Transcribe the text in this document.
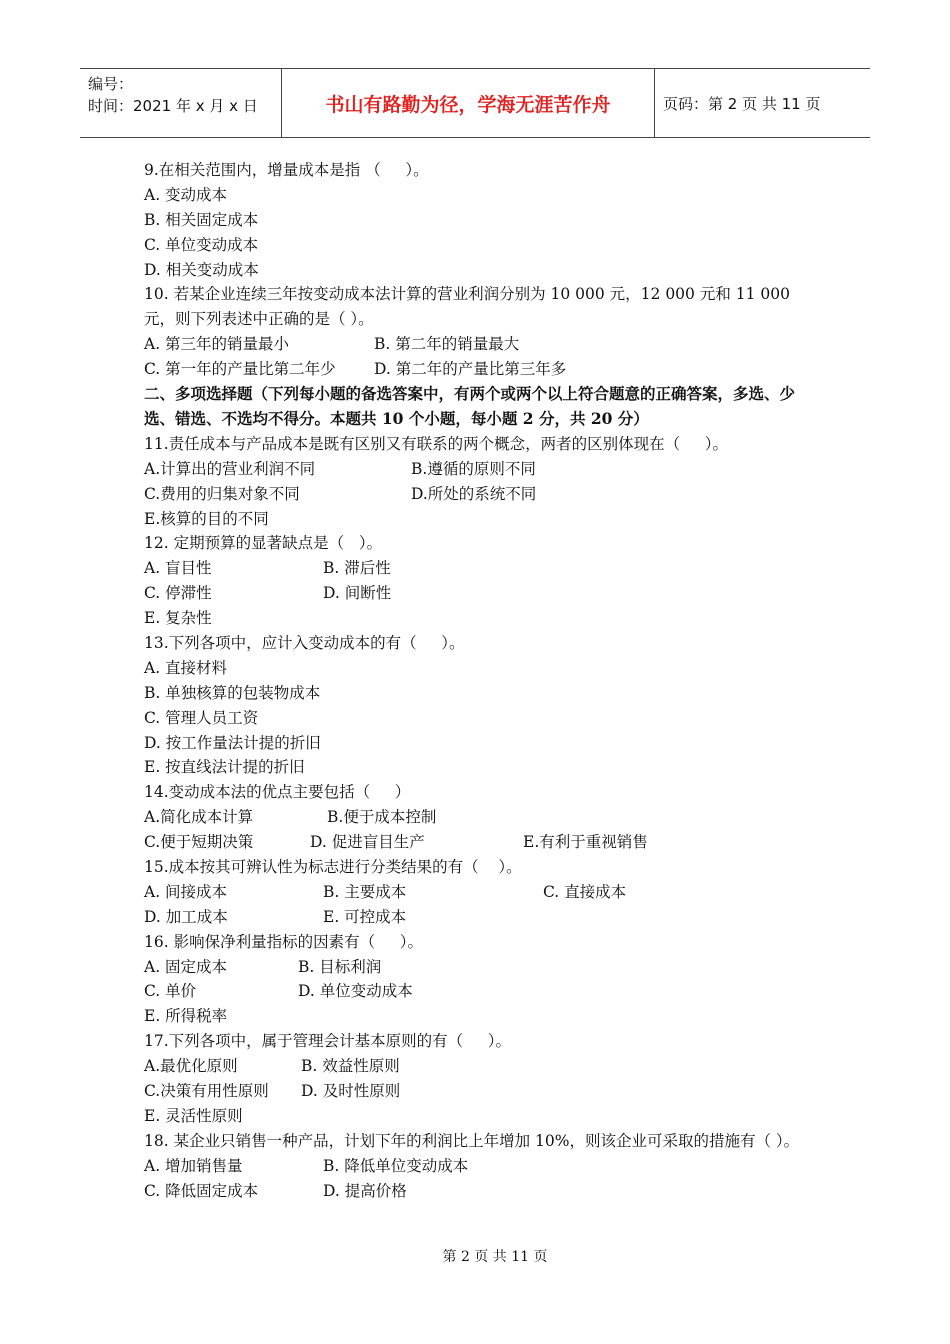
编号：
时间：2021 年 x 月 x 日	书山有路勤为径，学海无涯苦作舟	页码：第 2 页 共 11 页
9.在相关范围内，增量成本是指 （     ）。
A. 变动成本
B. 相关固定成本
C. 单位变动成本
D. 相关变动成本
10. 若某企业连续三年按变动成本法计算的营业利润分别为 10 000 元，12 000 元和 11 000 元，则下列表述中正确的是（ ）。
A. 第三年的销量最小	B. 第二年的销量最大
C. 第一年的产量比第二年少	D. 第二年的产量比第三年多
二、多项选择题（下列每小题的备选答案中，有两个或两个以上符合题意的正确答案，多选、少选、错选、不选均不得分。本题共 10 个小题，每小题 2 分，共 20 分）
11.责任成本与产品成本是既有区别又有联系的两个概念，两者的区别体现在（     ）。
A.计算出的营业利润不同	B.遵循的原则不同
C.费用的归集对象不同	D.所处的系统不同
E.核算的目的不同
12. 定期预算的显著缺点是（   ）。
A. 盲目性	B. 滞后性
C. 停滞性	D. 间断性
E. 复杂性
13.下列各项中，应计入变动成本的有（     ）。
A. 直接材料
B. 单独核算的包装物成本
C. 管理人员工资
D. 按工作量法计提的折旧
E. 按直线法计提的折旧
14.变动成本法的优点主要包括（     ）
A.简化成本计算	B.便于成本控制
C.便于短期决策	D. 促进盲目生产	E.有利于重视销售
15.成本按其可辨认性为标志进行分类结果的有（    ）。
A. 间接成本	B. 主要成本	C. 直接成本
D. 加工成本	E. 可控成本
16. 影响保净利量指标的因素有（     ）。
A. 固定成本	B. 目标利润
C. 单价	D. 单位变动成本
E. 所得税率
17.下列各项中，属于管理会计基本原则的有（     ）。
A.最优化原则	B. 效益性原则
C.决策有用性原则	D. 及时性原则
E. 灵活性原则
18. 某企业只销售一种产品，计划下年的利润比上年增加 10%，则该企业可采取的措施有（ ）。
A. 增加销售量	B. 降低单位变动成本
C. 降低固定成本	D. 提高价格
第 2 页 共 11 页
